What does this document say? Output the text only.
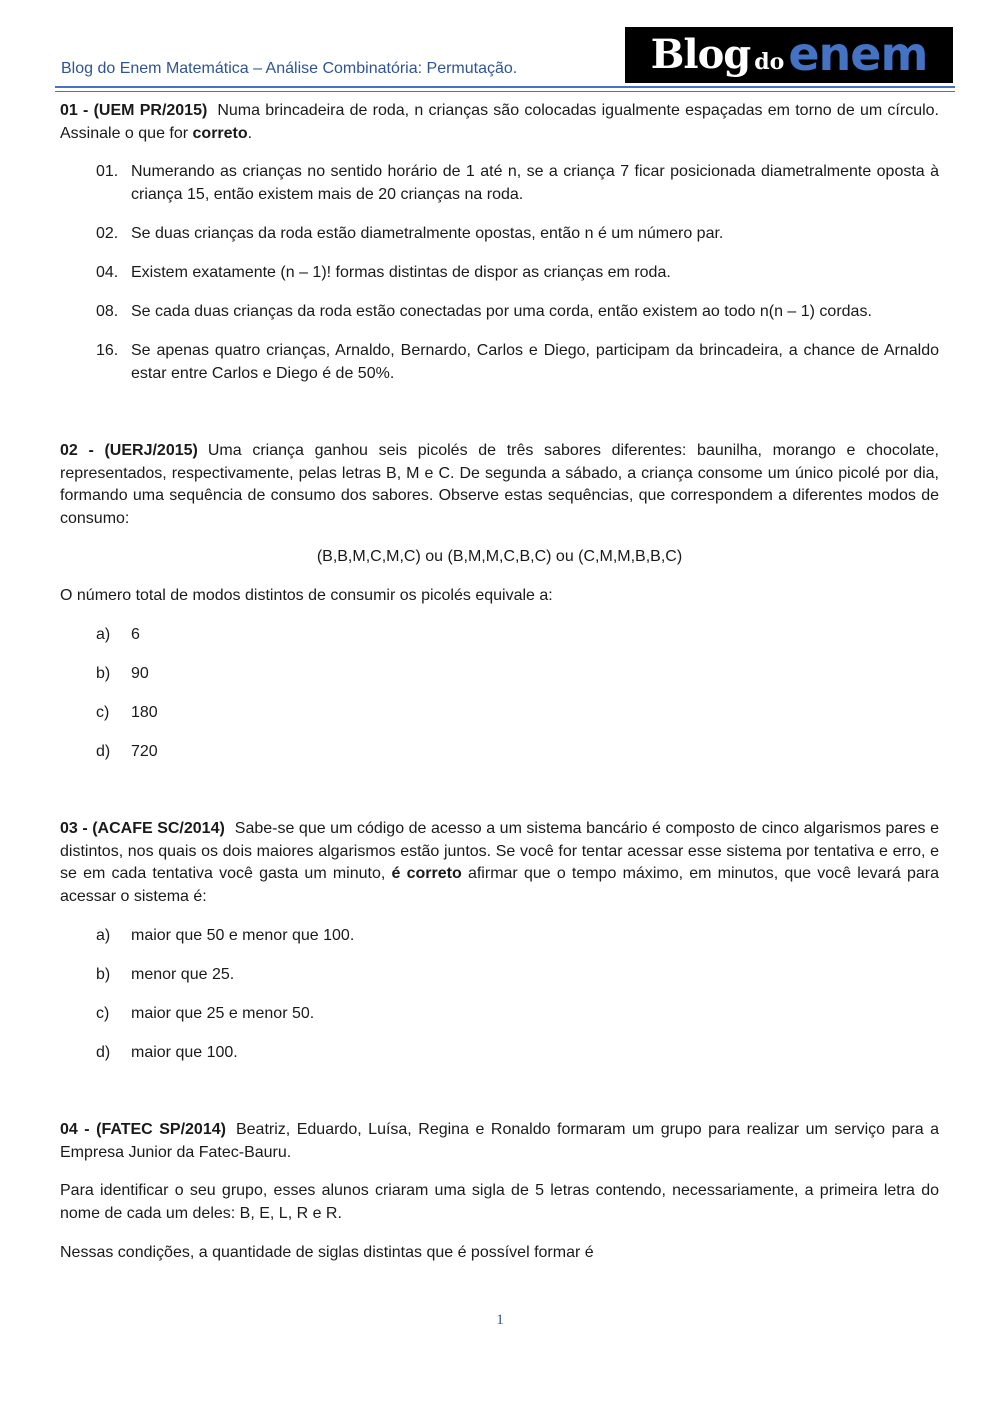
Blog do Enem Matemática – Análise Combinatória: Permutação.	Blog do enem

01 - (UEM PR/2015) Numa brincadeira de roda, n crianças são colocadas igualmente espaçadas em torno de um círculo. Assinale o que for correto.

01. Numerando as crianças no sentido horário de 1 até n, se a criança 7 ficar posicionada diametralmente oposta à criança 15, então existem mais de 20 crianças na roda.
02. Se duas crianças da roda estão diametralmente opostas, então n é um número par.
04. Existem exatamente (n – 1)! formas distintas de dispor as crianças em roda.
08. Se cada duas crianças da roda estão conectadas por uma corda, então existem ao todo n(n – 1) cordas.
16. Se apenas quatro crianças, Arnaldo, Bernardo, Carlos e Diego, participam da brincadeira, a chance de Arnaldo estar entre Carlos e Diego é de 50%.

02 - (UERJ/2015) Uma criança ganhou seis picolés de três sabores diferentes: baunilha, morango e chocolate, representados, respectivamente, pelas letras B, M e C. De segunda a sábado, a criança consome um único picolé por dia, formando uma sequência de consumo dos sabores. Observe estas sequências, que correspondem a diferentes modos de consumo:

(B,B,M,C,M,C) ou (B,M,M,C,B,C) ou (C,M,M,B,B,C)

O número total de modos distintos de consumir os picolés equivale a:

a) 6
b) 90
c) 180
d) 720

03 - (ACAFE SC/2014) Sabe-se que um código de acesso a um sistema bancário é composto de cinco algarismos pares e distintos, nos quais os dois maiores algarismos estão juntos. Se você for tentar acessar esse sistema por tentativa e erro, e se em cada tentativa você gasta um minuto, é correto afirmar que o tempo máximo, em minutos, que você levará para acessar o sistema é:

a) maior que 50 e menor que 100.
b) menor que 25.
c) maior que 25 e menor 50.
d) maior que 100.

04 - (FATEC SP/2014) Beatriz, Eduardo, Luísa, Regina e Ronaldo formaram um grupo para realizar um serviço para a Empresa Junior da Fatec-Bauru.

Para identificar o seu grupo, esses alunos criaram uma sigla de 5 letras contendo, necessariamente, a primeira letra do nome de cada um deles: B, E, L, R e R.

Nessas condições, a quantidade de siglas distintas que é possível formar é

1
